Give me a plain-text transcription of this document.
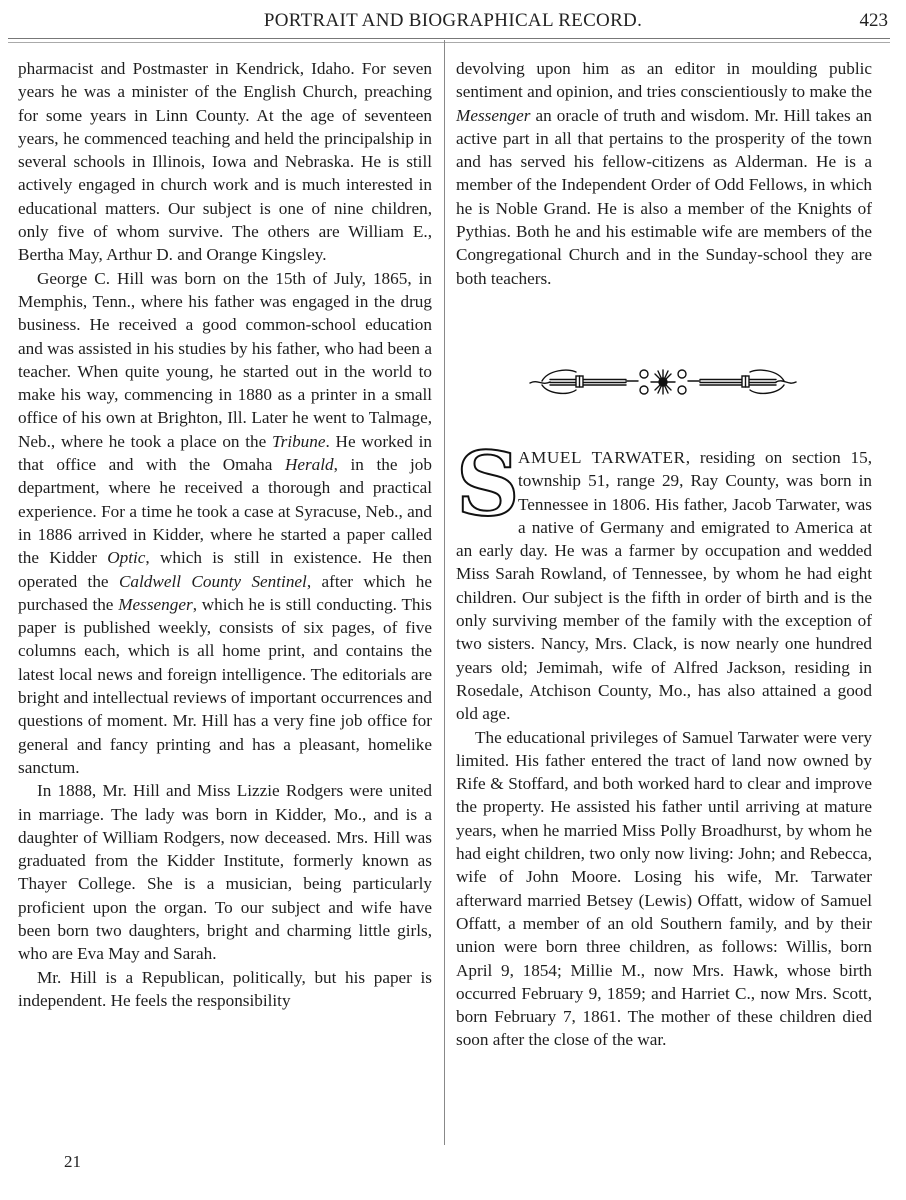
PORTRAIT AND BIOGRAPHICAL RECORD.	423

pharmacist and Postmaster in Kendrick, Idaho. For seven years he was a minister of the English Church, preaching for some years in Linn County. At the age of seventeen years, he commenced teaching and held the principalship in several schools in Illinois, Iowa and Nebraska. He is still actively engaged in church work and is much interested in educational matters. Our subject is one of nine children, only five of whom survive. The others are William E., Bertha May, Arthur D. and Orange Kingsley.

George C. Hill was born on the 15th of July, 1865, in Memphis, Tenn., where his father was engaged in the drug business. He received a good common-school education and was assisted in his studies by his father, who had been a teacher. When quite young, he started out in the world to make his way, commencing in 1880 as a printer in a small office of his own at Brighton, Ill. Later he went to Talmage, Neb., where he took a place on the Tribune. He worked in that office and with the Omaha Herald, in the job department, where he received a thorough and practical experience. For a time he took a case at Syracuse, Neb., and in 1886 arrived in Kidder, where he started a paper called the Kidder Optic, which is still in existence. He then operated the Caldwell County Sentinel, after which he purchased the Messenger, which he is still conducting. This paper is published weekly, consists of six pages, of five columns each, which is all home print, and contains the latest local news and foreign intelligence. The editorials are bright and intellectual reviews of important occurrences and questions of moment. Mr. Hill has a very fine job office for general and fancy printing and has a pleasant, homelike sanctum.

In 1888, Mr. Hill and Miss Lizzie Rodgers were united in marriage. The lady was born in Kidder, Mo., and is a daughter of William Rodgers, now deceased. Mrs. Hill was graduated from the Kidder Institute, formerly known as Thayer College. She is a musician, being particularly proficient upon the organ. To our subject and wife have been born two daughters, bright and charming little girls, who are Eva May and Sarah.

Mr. Hill is a Republican, politically, but his paper is independent. He feels the responsibility

devolving upon him as an editor in moulding public sentiment and opinion, and tries conscientiously to make the Messenger an oracle of truth and wisdom. Mr. Hill takes an active part in all that pertains to the prosperity of the town and has served his fellow-citizens as Alderman. He is a member of the Independent Order of Odd Fellows, in which he is Noble Grand. He is also a member of the Knights of Pythias. Both he and his estimable wife are members of the Congregational Church and in the Sunday-school they are both teachers.

S
AMUEL TARWATER, residing on section 15, township 51, range 29, Ray County, was born in Tennessee in 1806. His father, Jacob Tarwater, was a native of Germany and emigrated to America at an early day. He was a farmer by occupation and wedded Miss Sarah Rowland, of Tennessee, by whom he had eight children. Our subject is the fifth in order of birth and is the only surviving member of the family with the exception of two sisters. Nancy, Mrs. Clack, is now nearly one hundred years old; Jemimah, wife of Alfred Jackson, residing in Rosedale, Atchison County, Mo., has also attained a good old age.

The educational privileges of Samuel Tarwater were very limited. His father entered the tract of land now owned by Rife & Stoffard, and both worked hard to clear and improve the property. He assisted his father until arriving at mature years, when he married Miss Polly Broadhurst, by whom he had eight children, two only now living: John; and Rebecca, wife of John Moore. Losing his wife, Mr. Tarwater afterward married Betsey (Lewis) Offatt, widow of Samuel Offatt, a member of an old Southern family, and by their union were born three children, as follows: Willis, born April 9, 1854; Millie M., now Mrs. Hawk, whose birth occurred February 9, 1859; and Harriet C., now Mrs. Scott, born February 7, 1861. The mother of these children died soon after the close of the war.

21
